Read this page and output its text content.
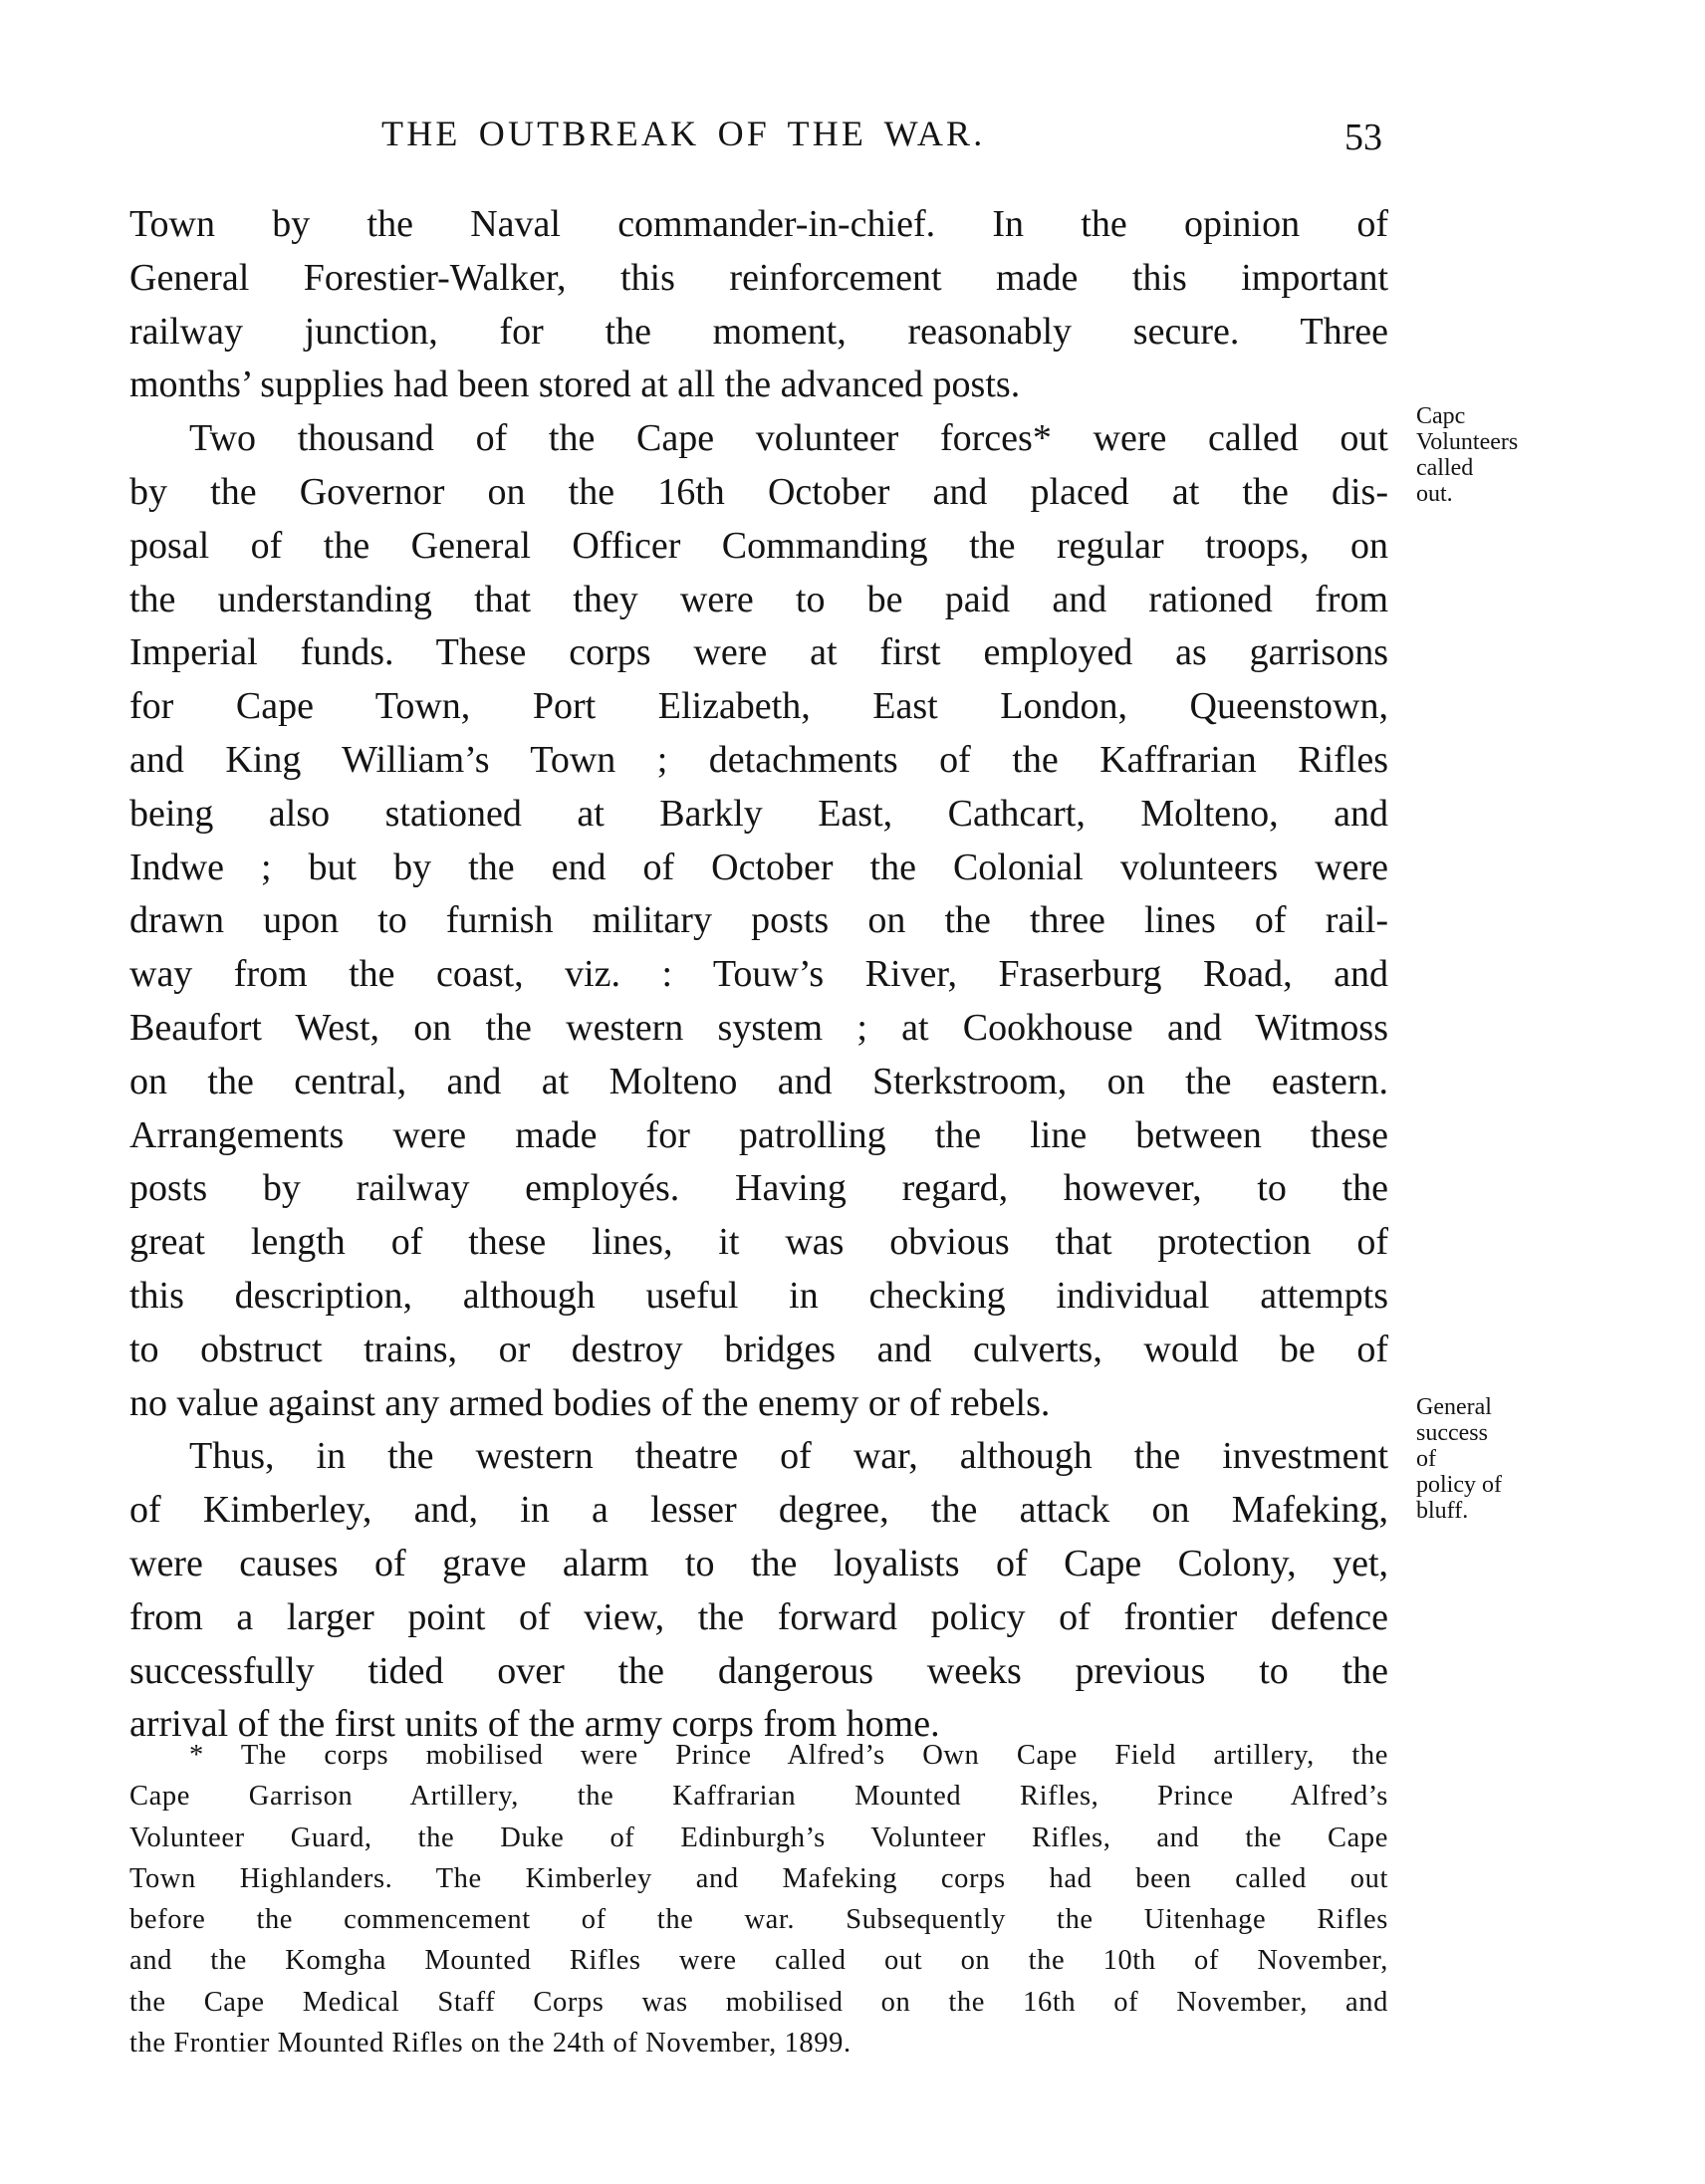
THE OUTBREAK OF THE WAR.	53
Town by the Naval commander-in-chief. In the opinion of
General Forestier-Walker, this reinforcement made this important
railway junction, for the moment, reasonably secure. Three
months’ supplies had been stored at all the advanced posts.
Two thousand of the Cape volunteer forces* were called out
by the Governor on the 16th October and placed at the dis-
posal of the General Officer Commanding the regular troops, on
the understanding that they were to be paid and rationed from
Imperial funds. These corps were at first employed as garrisons
for Cape Town, Port Elizabeth, East London, Queenstown,
and King William’s Town ; detachments of the Kaffrarian Rifles
being also stationed at Barkly East, Cathcart, Molteno, and
Indwe ; but by the end of October the Colonial volunteers were
drawn upon to furnish military posts on the three lines of rail-
way from the coast, viz. : Touw’s River, Fraserburg Road, and
Beaufort West, on the western system ; at Cookhouse and Witmoss
on the central, and at Molteno and Sterkstroom, on the eastern.
Arrangements were made for patrolling the line between these
posts by railway employés. Having regard, however, to the
great length of these lines, it was obvious that protection of
this description, although useful in checking individual attempts
to obstruct trains, or destroy bridges and culverts, would be of
no value against any armed bodies of the enemy or of rebels.
Thus, in the western theatre of war, although the investment
of Kimberley, and, in a lesser degree, the attack on Mafeking,
were causes of grave alarm to the loyalists of Cape Colony, yet,
from a larger point of view, the forward policy of frontier defence
successfully tided over the dangerous weeks previous to the
arrival of the first units of the army corps from home.
Capc
Volunteers
called
out.
General
success
of
policy of
bluff.
* The corps mobilised were Prince Alfred’s Own Cape Field artillery, the
Cape Garrison Artillery, the Kaffrarian Mounted Rifles, Prince Alfred’s
Volunteer Guard, the Duke of Edinburgh’s Volunteer Rifles, and the Cape
Town Highlanders. The Kimberley and Mafeking corps had been called out
before the commencement of the war. Subsequently the Uitenhage Rifles
and the Komgha Mounted Rifles were called out on the 10th of November,
the Cape Medical Staff Corps was mobilised on the 16th of November, and
the Frontier Mounted Rifles on the 24th of November, 1899.
